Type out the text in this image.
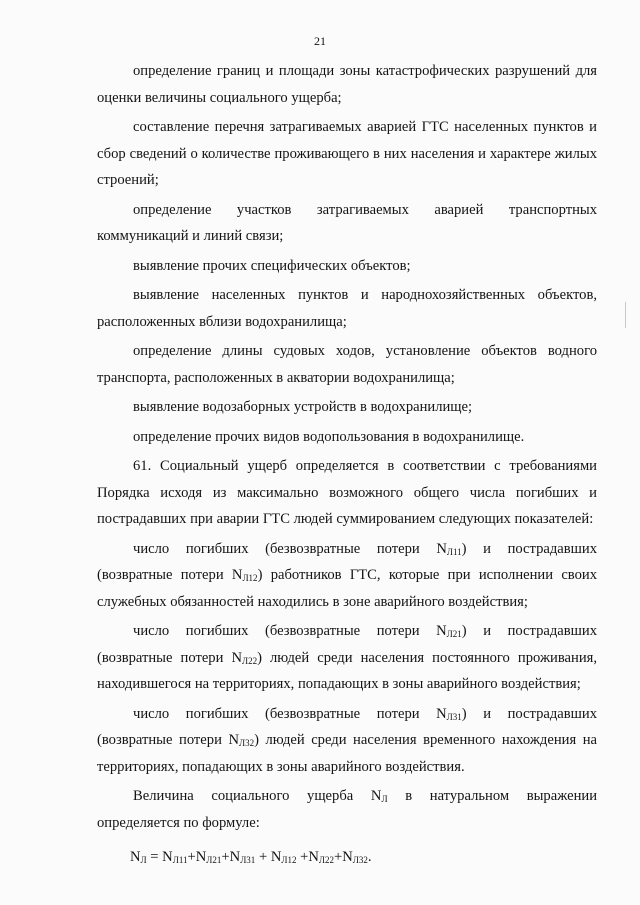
21

определение границ и площади зоны катастрофических разрушений для оценки величины социального ущерба;

составление перечня затрагиваемых аварией ГТС населенных пунктов и сбор сведений о количестве проживающего в них населения и характере жилых строений;

определение участков затрагиваемых аварией транспортных коммуникаций и линий связи;

выявление прочих специфических объектов;

выявление населенных пунктов и народнохозяйственных объектов, расположенных вблизи водохранилища;

определение длины судовых ходов, установление объектов водного транспорта, расположенных в акватории водохранилища;

выявление водозаборных устройств в водохранилище;

определение прочих видов водопользования в водохранилище.

61. Социальный ущерб определяется в соответствии с требованиями Порядка исходя из максимально возможного общего числа погибших и пострадавших при аварии ГТС людей суммированием следующих показателей:

число погибших (безвозвратные потери $N_{Л11}$) и пострадавших (возвратные потери $N_{Л12}$) работников ГТС, которые при исполнении своих служебных обязанностей находились в зоне аварийного воздействия;

число погибших (безвозвратные потери $N_{Л21}$) и пострадавших (возвратные потери $N_{Л22}$) людей среди населения постоянного проживания, находившегося на территориях, попадающих в зоны аварийного воздействия;

число погибших (безвозвратные потери $N_{Л31}$) и пострадавших (возвратные потери $N_{Л32}$) людей среди населения временного нахождения на территориях, попадающих в зоны аварийного воздействия.

Величина социального ущерба $N_Л$ в натуральном выражении определяется по формуле:

$N_Л = N_{Л11}+N_{Л21}+N_{Л31} + N_{Л12} +N_{Л22}+N_{Л32}$.
